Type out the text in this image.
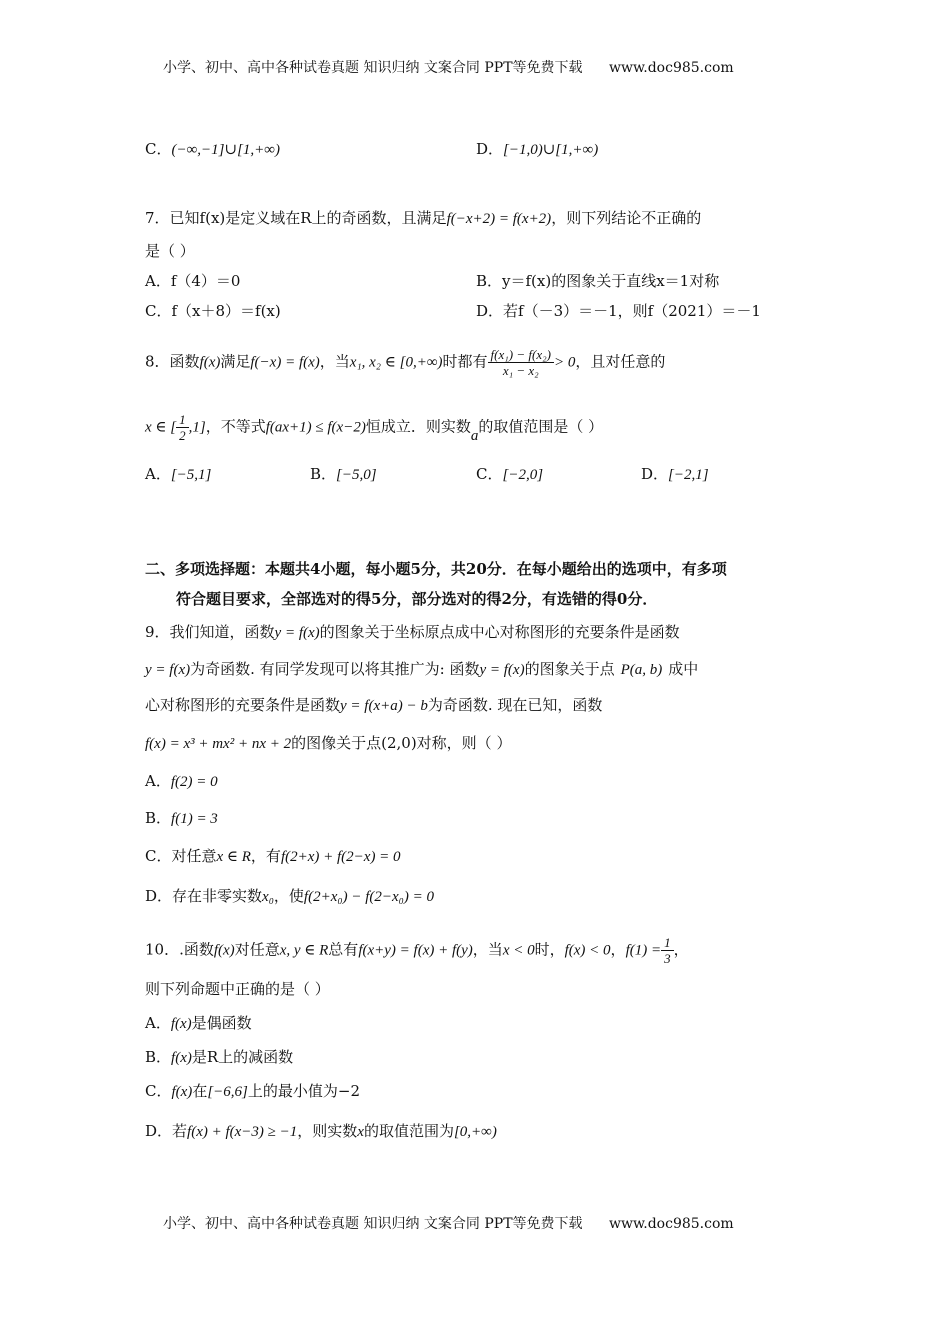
小学、初中、高中各种试卷真题 知识归纳 文案合同 PPT等免费下载 www.doc985.com
C．(−∞,−1]∪[1,+∞)	D．[−1,0)∪[1,+∞)
7．已知f(x)是定义域在R上的奇函数，且满足f(−x+2) = f(x+2)，则下列结论不正确的
是（ ）
A．f（4）＝0	B．y＝f(x)的图象关于直线x＝1对称
C．f（x＋8）＝f(x)	D．若f（－3）＝－1，则f（2021）＝－1
8．函数f(x)满足f(−x) = f(x)，当x₁, x₂ ∈ [0,+∞)时都有 $\frac{\text{f(x₁) − f(x₂)}}{\text{x₁ − x₂}} > 0$，且对任意的
x ∈ [ $\frac{1}{2} ,1$]，不等式f(ax+1) ≤ f(x−2)恒成立．则实数a的取值范围是（ ）
A．[−5,1]	B．[−5,0]	C．[−2,0]	D．[−2,1]
二、多项选择题：本题共4小题，每小题5分，共20分．在每小题给出的选项中，有多项
符合题目要求，全部选对的得5分，部分选对的得2分，有选错的得0分．
9．我们知道，函数y = f(x)的图象关于坐标原点成中心对称图形的充要条件是函数
y = f(x)为奇函数. 有同学发现可以将其推广为: 函数y = f(x)的图象关于点 P(a, b) 成中
心对称图形的充要条件是函数y = f(x+a) − b为奇函数. 现在已知，函数
f(x) = x³ + mx² + nx + 2的图像关于点(2,0)对称，则（ ）
A．f(2) = 0
B．f(1) = 3
C．对任意x ∈ R，有f(2+x) + f(2−x) = 0
D．存在非零实数x₀，使f(2+x₀) − f(2−x₀) = 0
10．.函数f(x)对任意x, y ∈ R总有f(x+y) = f(x) + f(y)，当x < 0时，f(x) < 0，$f(1) = \frac{1}{3}$ ，
则下列命题中正确的是（ ）
A．f(x)是偶函数
B．f(x)是R上的减函数
C．f(x)在[−6,6]上的最小值为−2
D．若f(x) + f(x−3) ≥ −1，则实数x的取值范围为[0,+∞)
小学、初中、高中各种试卷真题 知识归纳 文案合同 PPT等免费下载 www.doc985.com
